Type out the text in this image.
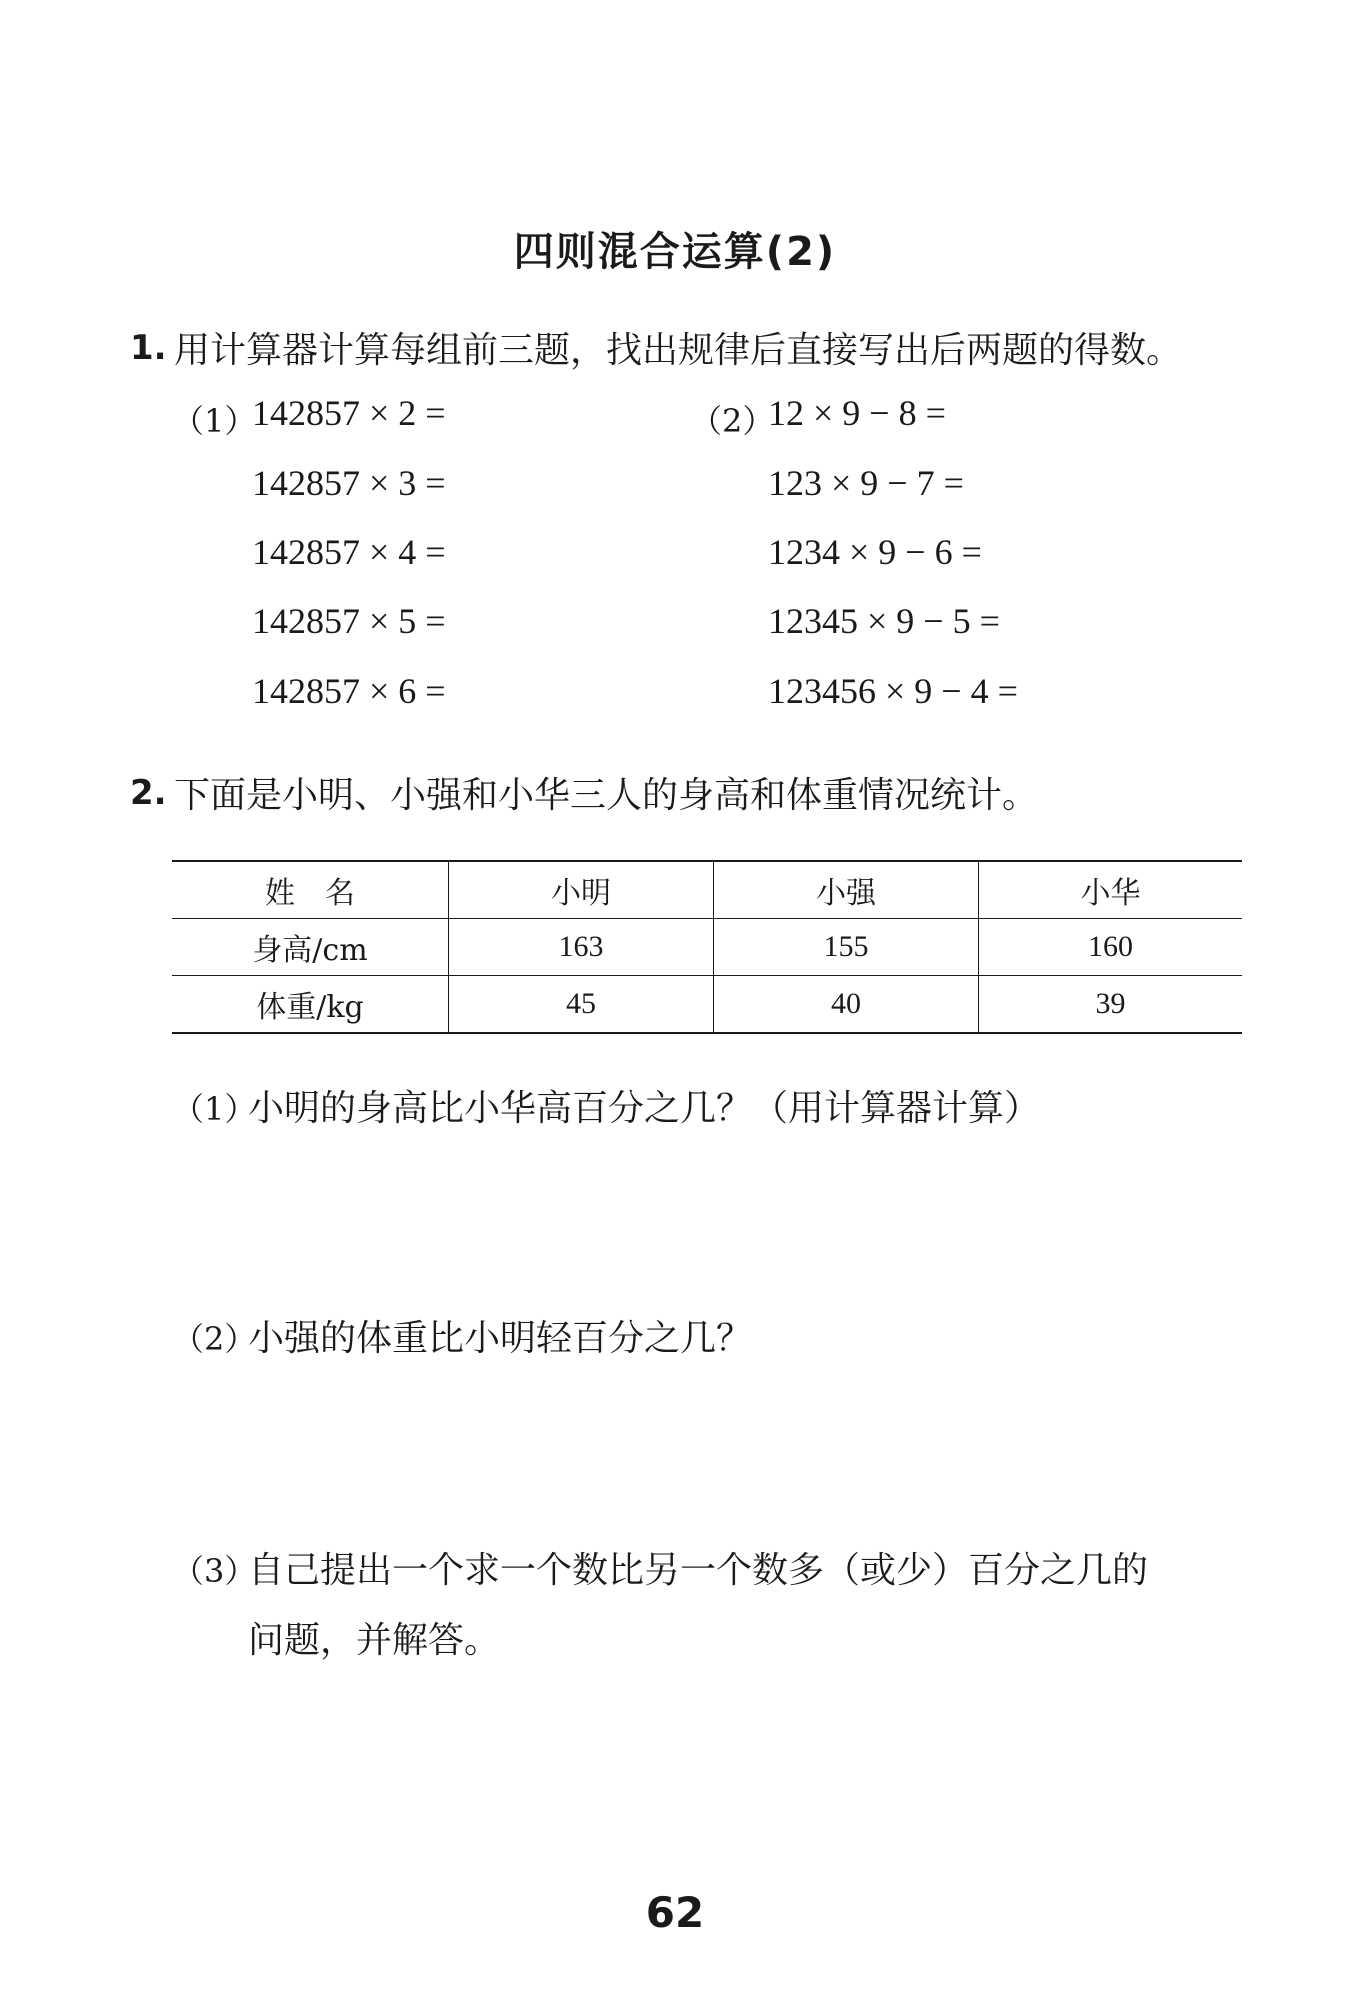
四则混合运算(2)
1. 用计算器计算每组前三题，找出规律后直接写出后两题的得数。
（1）
142857 × 2 =
142857 × 3 =
142857 × 4 =
142857 × 5 =
142857 × 6 =
（2）
12 × 9 − 8 =
123 × 9 − 7 =
1234 × 9 − 6 =
12345 × 9 − 5 =
123456 × 9 − 4 =
2. 下面是小明、小强和小华三人的身高和体重情况统计。
姓　名	小明	小强	小华
身高/cm	163	155	160
体重/kg	45	40	39
（1）
小明的身高比小华高百分之几？（用计算器计算）
（2）
小强的体重比小明轻百分之几？
（3）
自己提出一个求一个数比另一个数多（或少）百分之几的
问题，并解答。
62
